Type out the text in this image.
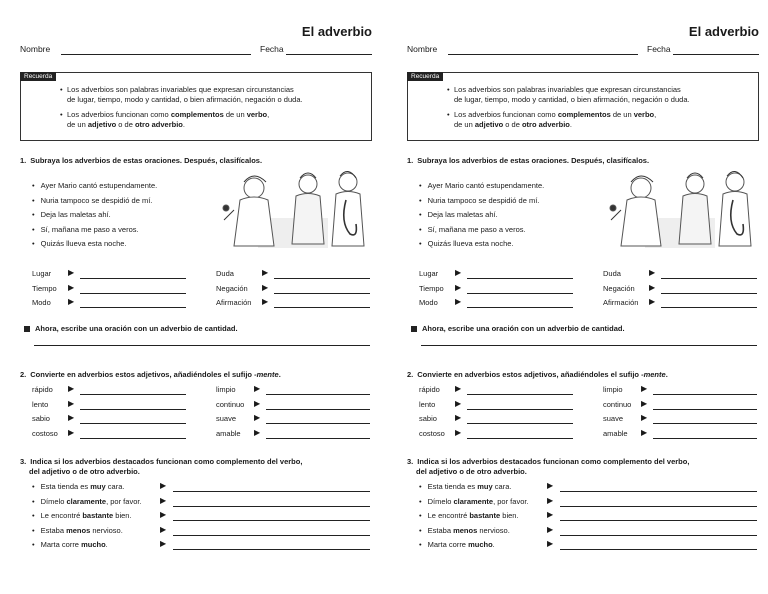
El adverbio
Nombre	Fecha
Recuerda
• Los adverbios son palabras invariables que expresan circunstancias
de lugar, tiempo, modo y cantidad, o bien afirmación, negación o duda.
• Los adverbios funcionan como complementos de un verbo,
de un adjetivo o de otro adverbio.
1. Subraya los adverbios de estas oraciones. Después, clasifícalos.
• Ayer Mario cantó estupendamente.
• Nuria tampoco se despidió de mí.
• Deja las maletas ahí.
• Sí, mañana me paso a veros.
• Quizás llueva esta noche.
Lugar ▶
Tiempo ▶
Modo ▶
Duda	▶
Negación ▶
Afirmación ▶
Ahora, escribe una oración con un adverbio de cantidad.
2. Convierte en adverbios estos adjetivos, añadiéndoles el sufijo -mente.
rápido ▶
lento ▶
sabio ▶
costoso ▶
limpio ▶
continuo ▶
suave ▶
amable ▶
3. Indica si los adverbios destacados funcionan como complemento del verbo,
del adjetivo o de otro adverbio.
• Esta tienda es muy cara.	▶
• Dímelo claramente, por favor. ▶
• Le encontré bastante bien.	▶
• Estaba menos nervioso.	▶
• Marta corre mucho.	▶
El adverbio
Nombre	Fecha
Recuerda
• Los adverbios son palabras invariables que expresan circunstancias
de lugar, tiempo, modo y cantidad, o bien afirmación, negación o duda.
• Los adverbios funcionan como complementos de un verbo,
de un adjetivo o de otro adverbio.
1. Subraya los adverbios de estas oraciones. Después, clasifícalos.
• Ayer Mario cantó estupendamente.
• Nuria tampoco se despidió de mí.
• Deja las maletas ahí.
• Sí, mañana me paso a veros.
• Quizás llueva esta noche.
Lugar ▶
Tiempo ▶
Modo ▶
Duda	▶
Negación ▶
Afirmación ▶
Ahora, escribe una oración con un adverbio de cantidad.
2. Convierte en adverbios estos adjetivos, añadiéndoles el sufijo -mente.
rápido ▶
lento ▶
sabio ▶
costoso ▶
limpio ▶
continuo ▶
suave ▶
amable ▶
3. Indica si los adverbios destacados funcionan como complemento del verbo,
del adjetivo o de otro adverbio.
• Esta tienda es muy cara.	▶
• Dímelo claramente, por favor. ▶
• Le encontré bastante bien.	▶
• Estaba menos nervioso.	▶
• Marta corre mucho.	▶
